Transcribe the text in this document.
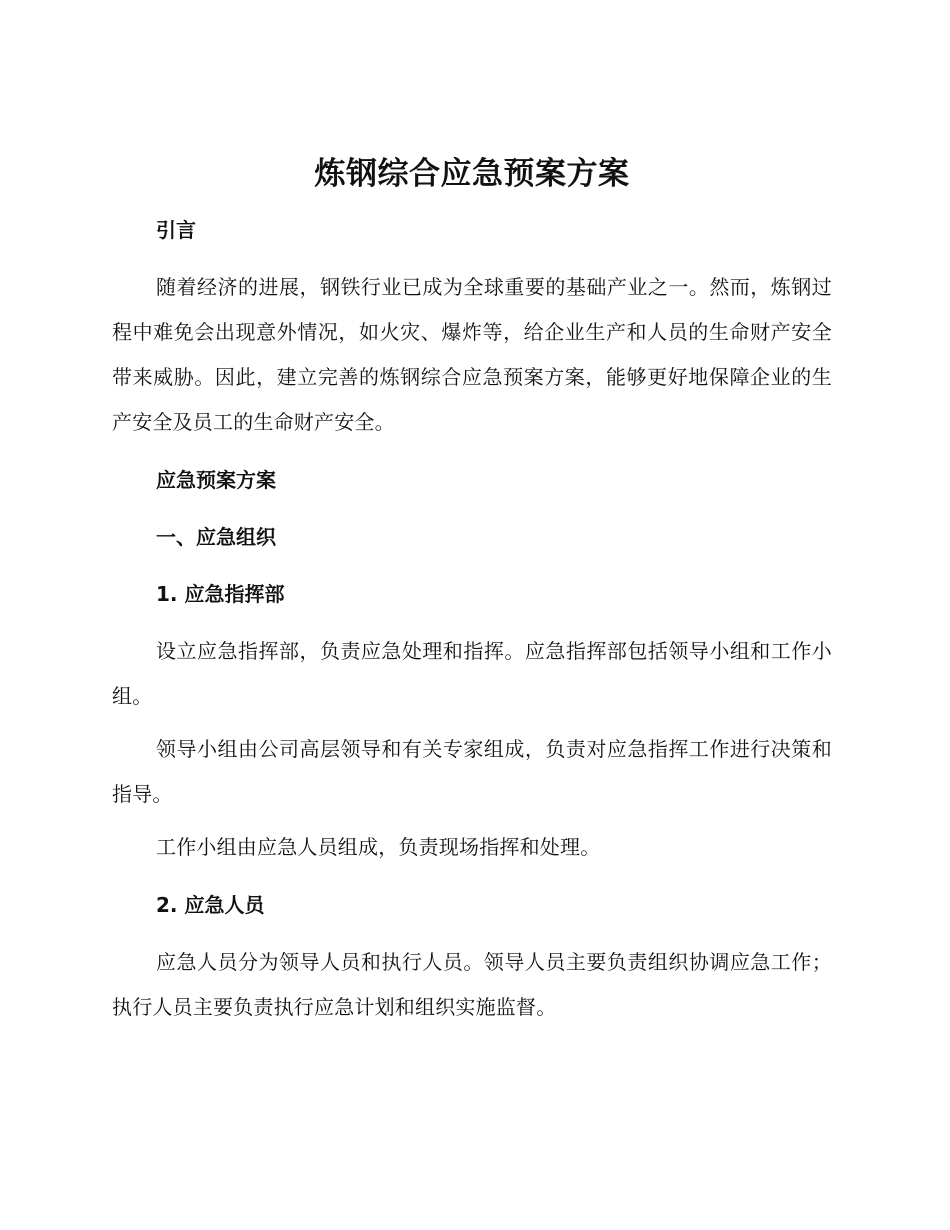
炼钢综合应急预案方案
引言

随着经济的进展，钢铁行业已成为全球重要的基础产业之一。然而，炼钢过程中难免会出现意外情况，如火灾、爆炸等，给企业生产和人员的生命财产安全带来威胁。因此，建立完善的炼钢综合应急预案方案，能够更好地保障企业的生产安全及员工的生命财产安全。

应急预案方案
一、应急组织
1. 应急指挥部

设立应急指挥部，负责应急处理和指挥。应急指挥部包括领导小组和工作小组。

领导小组由公司高层领导和有关专家组成，负责对应急指挥工作进行决策和指导。

工作小组由应急人员组成，负责现场指挥和处理。

2. 应急人员

应急人员分为领导人员和执行人员。领导人员主要负责组织协调应急工作；执行人员主要负责执行应急计划和组织实施监督。
